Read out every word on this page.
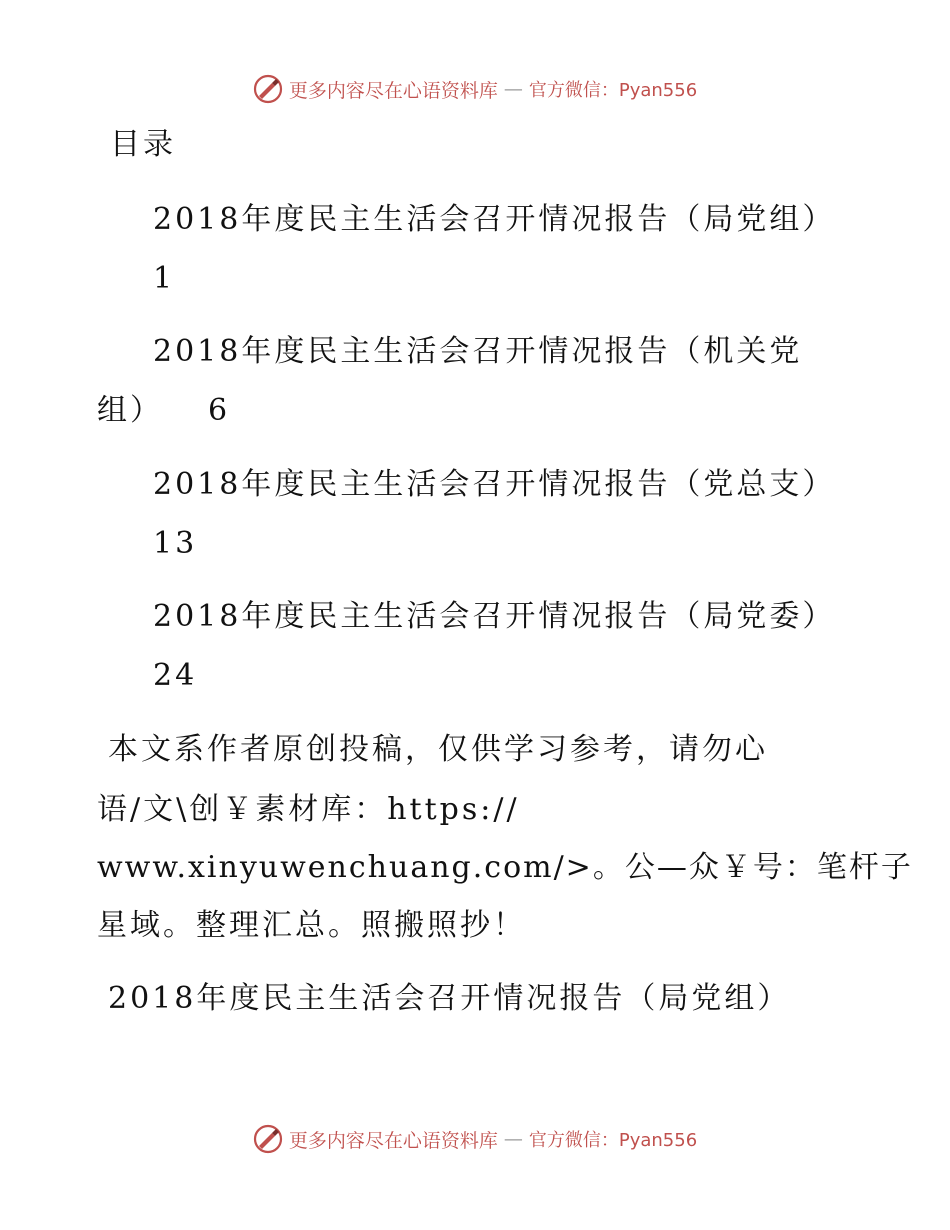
更多内容尽在心语资料库 — 官方微信：Pyan556
目录
2018年度民主生活会召开情况报告（局党组）
1
2018年度民主生活会召开情况报告（机关党
组） 6
2018年度民主生活会召开情况报告（党总支）
13
2018年度民主生活会召开情况报告（局党委）
24
本文系作者原创投稿，仅供学习参考，请勿心
语/文\创￥素材库：https://
www.xinyuwenchuang.com/>。公—众￥号：笔杆子
星域。整理汇总。照搬照抄！
2018年度民主生活会召开情况报告（局党组）
更多内容尽在心语资料库 — 官方微信：Pyan556
